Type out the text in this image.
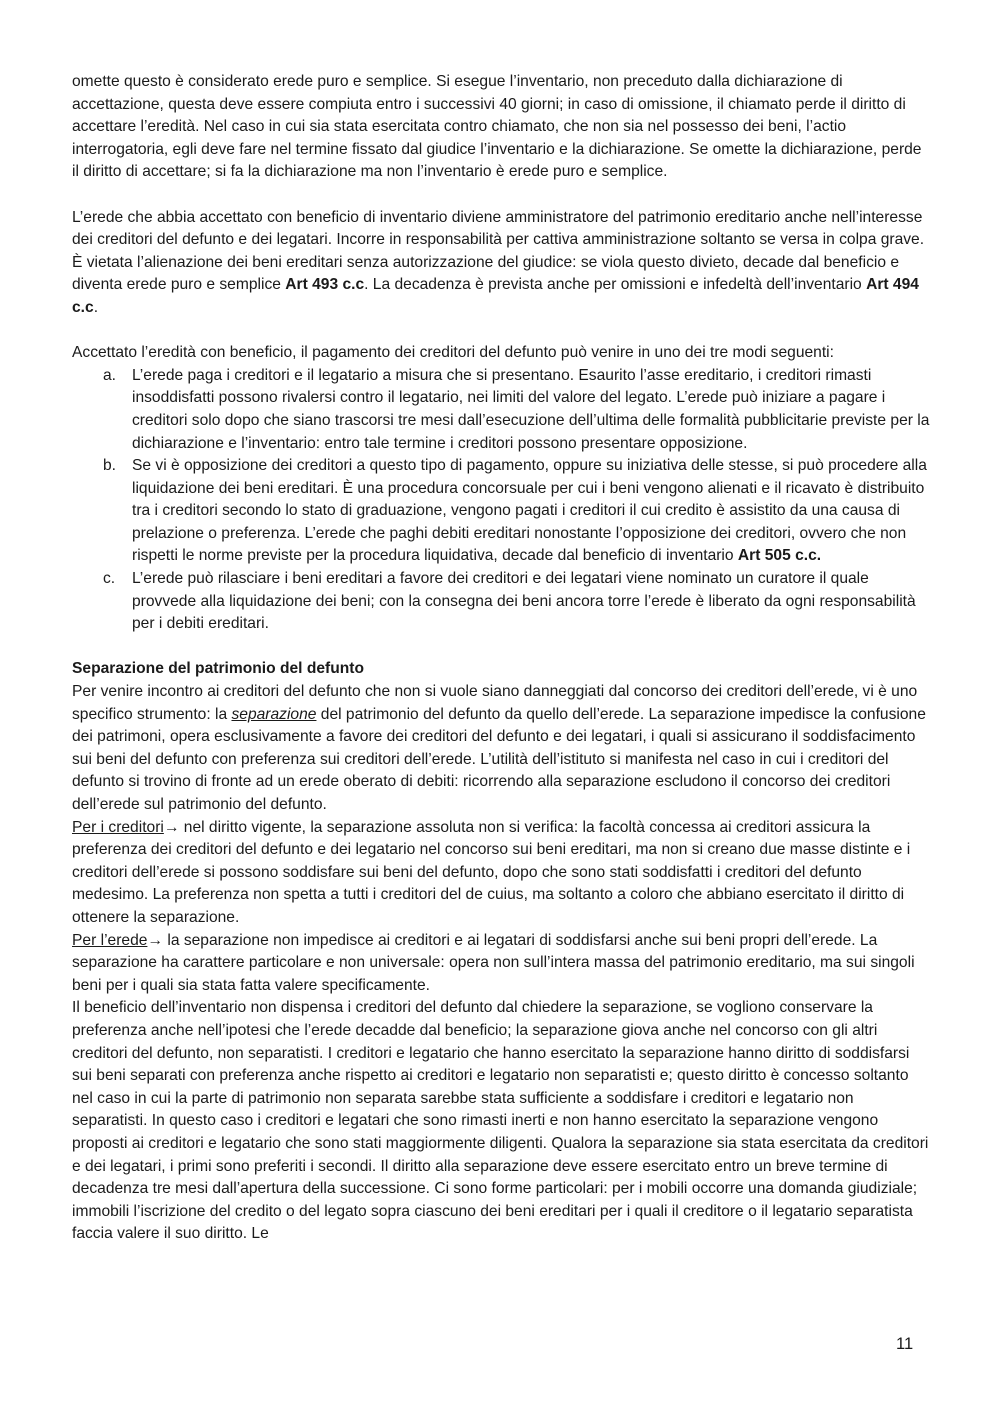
omette questo è considerato erede puro e semplice. Si esegue l’inventario, non preceduto dalla dichiarazione di accettazione, questa deve essere compiuta entro i successivi 40 giorni; in caso di omissione, il chiamato perde il diritto di accettare l’eredità. Nel caso in cui sia stata esercitata contro chiamato, che non sia nel possesso dei beni, l’actio interrogatoria, egli deve fare nel termine fissato dal giudice l’inventario e la dichiarazione. Se omette la dichiarazione, perde il diritto di accettare; si fa la dichiarazione ma non l’inventario è erede puro e semplice.

L’erede che abbia accettato con beneficio di inventario diviene amministratore del patrimonio ereditario anche nell’interesse dei creditori del defunto e dei legatari. Incorre in responsabilità per cattiva amministrazione soltanto se versa in colpa grave. È vietata l’alienazione dei beni ereditari senza autorizzazione del giudice: se viola questo divieto, decade dal beneficio e diventa erede puro e semplice Art 493 c.c. La decadenza è prevista anche per omissioni e infedeltà dell’inventario Art 494 c.c.

Accettato l’eredità con beneficio, il pagamento dei creditori del defunto può venire in uno dei tre modi seguenti:

a. L’erede paga i creditori e il legatario a misura che si presentano. Esaurito l’asse ereditario, i creditori rimasti insoddisfatti possono rivalersi contro il legatario, nei limiti del valore del legato. L’erede può iniziare a pagare i creditori solo dopo che siano trascorsi tre mesi dall’esecuzione dell’ultima delle formalità pubblicitarie previste per la dichiarazione e l’inventario: entro tale termine i creditori possono presentare opposizione.
b. Se vi è opposizione dei creditori a questo tipo di pagamento, oppure su iniziativa delle stesse, si può procedere alla liquidazione dei beni ereditari. È una procedura concorsuale per cui i beni vengono alienati e il ricavato è distribuito tra i creditori secondo lo stato di graduazione, vengono pagati i creditori il cui credito è assistito da una causa di prelazione o preferenza. L’erede che paghi debiti ereditari nonostante l’opposizione dei creditori, ovvero che non rispetti le norme previste per la procedura liquidativa, decade dal beneficio di inventario Art 505 c.c.
c. L’erede può rilasciare i beni ereditari a favore dei creditori e dei legatari viene nominato un curatore il quale provvede alla liquidazione dei beni; con la consegna dei beni ancora torre l’erede è liberato da ogni responsabilità per i debiti ereditari.

Separazione del patrimonio del defunto

Per venire incontro ai creditori del defunto che non si vuole siano danneggiati dal concorso dei creditori dell’erede, vi è uno specifico strumento: la separazione del patrimonio del defunto da quello dell’erede. La separazione impedisce la confusione dei patrimoni, opera esclusivamente a favore dei creditori del defunto e dei legatari, i quali si assicurano il soddisfacimento sui beni del defunto con preferenza sui creditori dell’erede. L’utilità dell’istituto si manifesta nel caso in cui i creditori del defunto si trovino di fronte ad un erede oberato di debiti: ricorrendo alla separazione escludono il concorso dei creditori dell’erede sul patrimonio del defunto.

Per i creditori→ nel diritto vigente, la separazione assoluta non si verifica: la facoltà concessa ai creditori assicura la preferenza dei creditori del defunto e dei legatario nel concorso sui beni ereditari, ma non si creano due masse distinte e i creditori dell’erede si possono soddisfare sui beni del defunto, dopo che sono stati soddisfatti i creditori del defunto medesimo. La preferenza non spetta a tutti i creditori del de cuius, ma soltanto a coloro che abbiano esercitato il diritto di ottenere la separazione.

Per l’erede→ la separazione non impedisce ai creditori e ai legatari di soddisfarsi anche sui beni propri dell’erede. La separazione ha carattere particolare e non universale: opera non sull’intera massa del patrimonio ereditario, ma sui singoli beni per i quali sia stata fatta valere specificamente.

Il beneficio dell’inventario non dispensa i creditori del defunto dal chiedere la separazione, se vogliono conservare la preferenza anche nell’ipotesi che l’erede decadde dal beneficio; la separazione giova anche nel concorso con gli altri creditori del defunto, non separatisti. I creditori e legatario che hanno esercitato la separazione hanno diritto di soddisfarsi sui beni separati con preferenza anche rispetto ai creditori e legatario non separatisti e; questo diritto è concesso soltanto nel caso in cui la parte di patrimonio non separata sarebbe stata sufficiente a soddisfare i creditori e legatario non separatisti. In questo caso i creditori e legatari che sono rimasti inerti e non hanno esercitato la separazione vengono proposti ai creditori e legatario che sono stati maggiormente diligenti. Qualora la separazione sia stata esercitata da creditori e dei legatari, i primi sono preferiti i secondi. Il diritto alla separazione deve essere esercitato entro un breve termine di decadenza tre mesi dall’apertura della successione. Ci sono forme particolari: per i mobili occorre una domanda giudiziale; immobili l’iscrizione del credito o del legato sopra ciascuno dei beni ereditari per i quali il creditore o il legatario separatista faccia valere il suo diritto. Le

11
